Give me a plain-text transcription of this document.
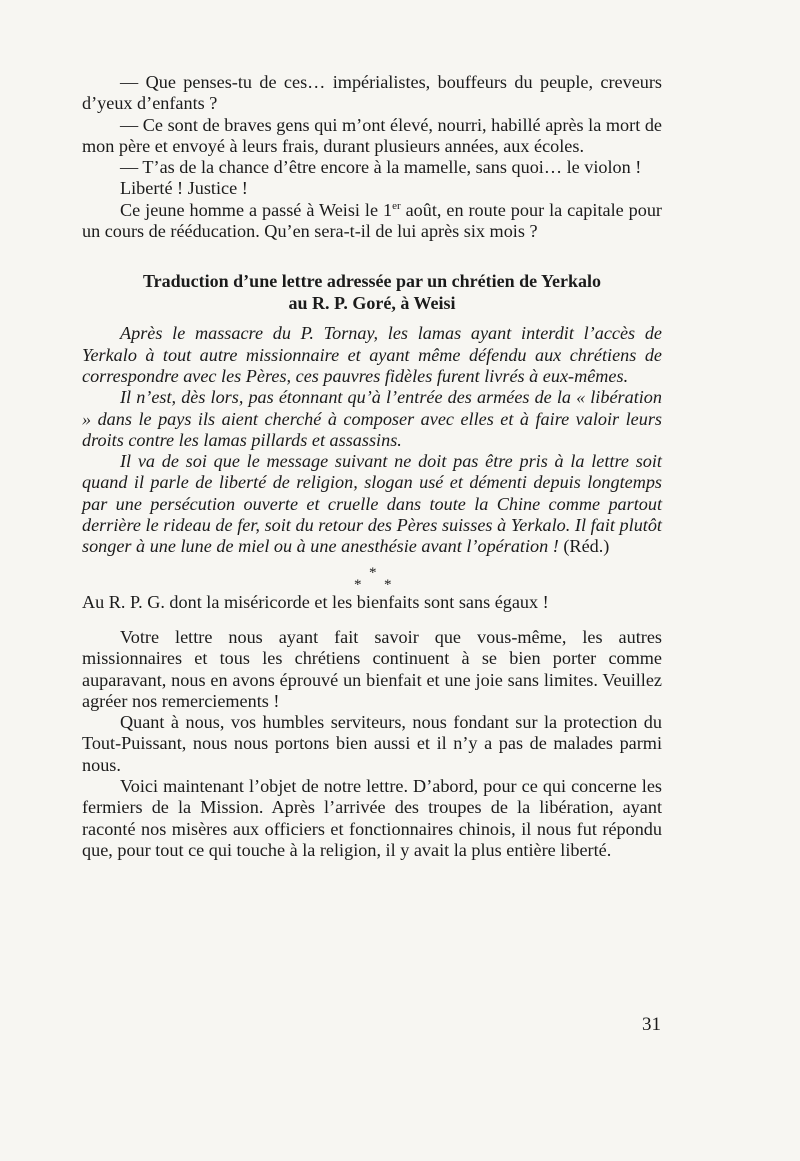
— Que penses-tu de ces… impérialistes, bouffeurs du peuple, creveurs d’yeux d’enfants ?

— Ce sont de braves gens qui m’ont élevé, nourri, habillé après la mort de mon père et envoyé à leurs frais, durant plusieurs années, aux écoles.

— T’as de la chance d’être encore à la mamelle, sans quoi… le violon !

Liberté ! Justice !

Ce jeune homme a passé à Weisi le 1er août, en route pour la capitale pour un cours de rééducation. Qu’en sera-t-il de lui après six mois ?

Traduction d’une lettre adressée par un chrétien de Yerkalo
au R. P. Goré, à Weisi

Après le massacre du P. Tornay, les lamas ayant interdit l’accès de Yerkalo à tout autre missionnaire et ayant même défendu aux chrétiens de correspondre avec les Pères, ces pauvres fidèles furent livrés à eux-mêmes.

Il n’est, dès lors, pas étonnant qu’à l’entrée des armées de la « libération » dans le pays ils aient cherché à composer avec elles et à faire valoir leurs droits contre les lamas pillards et assassins.

Il va de soi que le message suivant ne doit pas être pris à la lettre soit quand il parle de liberté de religion, slogan usé et démenti depuis longtemps par une persécution ouverte et cruelle dans toute la Chine comme partout derrière le rideau de fer, soit du retour des Pères suisses à Yerkalo. Il fait plutôt songer à une lune de miel ou à une anesthésie avant l’opération ! (Réd.)

*
* *

Au R. P. G. dont la miséricorde et les bienfaits sont sans égaux !

Votre lettre nous ayant fait savoir que vous-même, les autres missionnaires et tous les chrétiens continuent à se bien porter comme auparavant, nous en avons éprouvé un bienfait et une joie sans limites. Veuillez agréer nos remerciements !

Quant à nous, vos humbles serviteurs, nous fondant sur la protection du Tout-Puissant, nous nous portons bien aussi et il n’y a pas de malades parmi nous.

Voici maintenant l’objet de notre lettre. D’abord, pour ce qui concerne les fermiers de la Mission. Après l’arrivée des troupes de la libération, ayant raconté nos misères aux officiers et fonctionnaires chinois, il nous fut répondu que, pour tout ce qui touche à la religion, il y avait la plus entière liberté.

31
